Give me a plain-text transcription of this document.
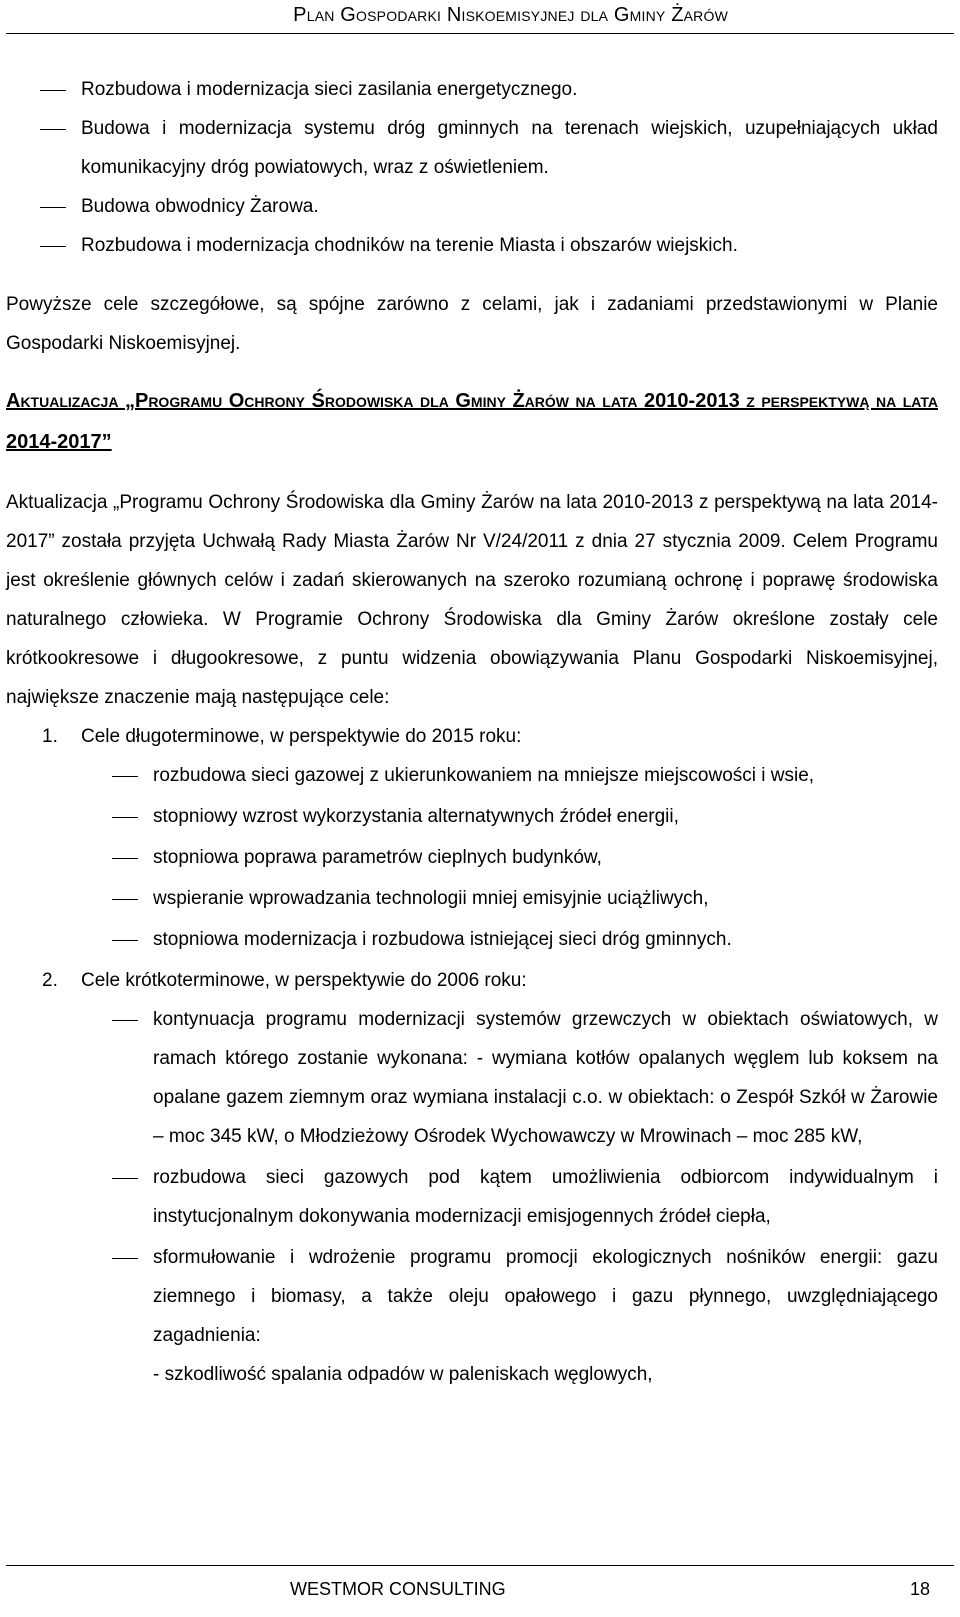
Plan Gospodarki Niskoemisyjnej dla Gminy Żarów
Rozbudowa i modernizacja sieci zasilania energetycznego.
Budowa i modernizacja systemu dróg gminnych na terenach wiejskich, uzupełniających układ komunikacyjny dróg powiatowych, wraz z oświetleniem.
Budowa obwodnicy Żarowa.
Rozbudowa i modernizacja chodników na terenie Miasta i obszarów wiejskich.
Powyższe cele szczegółowe, są spójne zarówno z celami, jak i zadaniami przedstawionymi w Planie Gospodarki Niskoemisyjnej.
Aktualizacja „Programu Ochrony Środowiska dla Gminy Żarów na lata 2010-2013 z perspektywą na lata 2014-2017”
Aktualizacja „Programu Ochrony Środowiska dla Gminy Żarów na lata 2010-2013 z perspektywą na lata 2014-2017” została przyjęta Uchwałą Rady Miasta Żarów Nr V/24/2011 z dnia 27 stycznia 2009. Celem Programu jest określenie głównych celów i zadań skierowanych na szeroko rozumianą ochronę i poprawę środowiska naturalnego człowieka. W Programie Ochrony Środowiska dla Gminy Żarów określone zostały cele krótkookresowe i długookresowe, z puntu widzenia obowiązywania Planu Gospodarki Niskoemisyjnej, największe znaczenie mają następujące cele:
1. Cele długoterminowe, w perspektywie do 2015 roku:
rozbudowa sieci gazowej z ukierunkowaniem na mniejsze miejscowości i wsie,
stopniowy wzrost wykorzystania alternatywnych źródeł energii,
stopniowa poprawa parametrów cieplnych budynków,
wspieranie wprowadzania technologii mniej emisyjnie uciążliwych,
stopniowa modernizacja i rozbudowa istniejącej sieci dróg gminnych.
2. Cele krótkoterminowe, w perspektywie do 2006 roku:
kontynuacja programu modernizacji systemów grzewczych w obiektach oświatowych, w ramach którego zostanie wykonana: - wymiana kotłów opalanych węglem lub koksem na opalane gazem ziemnym oraz wymiana instalacji c.o. w obiektach: o Zespół Szkół w Żarowie – moc 345 kW, o Młodzieżowy Ośrodek Wychowawczy w Mrowinach – moc 285 kW,
rozbudowa sieci gazowych pod kątem umożliwienia odbiorcom indywidualnym i instytucjonalnym dokonywania modernizacji emisjogennych źródeł ciepła,
sformułowanie i wdrożenie programu promocji ekologicznych nośników energii: gazu ziemnego i biomasy, a także oleju opałowego i gazu płynnego, uwzględniającego zagadnienia:
- szkodliwość spalania odpadów w paleniskach węglowych,
WESTMOR CONSULTING	18
